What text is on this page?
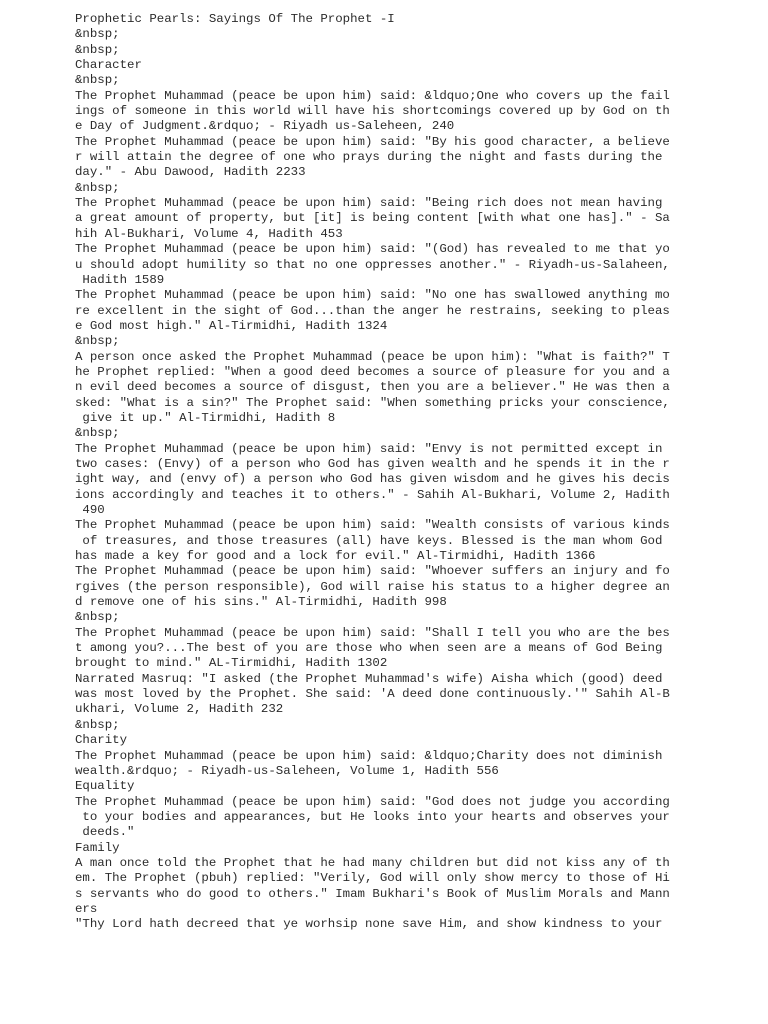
Prophetic Pearls: Sayings Of The Prophet -I
&nbsp;
&nbsp;
Character
&nbsp;
The Prophet Muhammad (peace be upon him) said: &ldquo;One who covers up the fail
ings of someone in this world will have his shortcomings covered up by God on th
e Day of Judgment.&rdquo; - Riyadh us-Saleheen, 240
The Prophet Muhammad (peace be upon him) said: "By his good character, a believe
r will attain the degree of one who prays during the night and fasts during the
day." - Abu Dawood, Hadith 2233
&nbsp;
The Prophet Muhammad (peace be upon him) said: "Being rich does not mean having
a great amount of property, but [it] is being content [with what one has]." - Sa
hih Al-Bukhari, Volume 4, Hadith 453
The Prophet Muhammad (peace be upon him) said: "(God) has revealed to me that yo
u should adopt humility so that no one oppresses another." - Riyadh-us-Salaheen,
Hadith 1589
The Prophet Muhammad (peace be upon him) said: "No one has swallowed anything mo
re excellent in the sight of God...than the anger he restrains, seeking to pleas
e God most high." Al-Tirmidhi, Hadith 1324
&nbsp;
A person once asked the Prophet Muhammad (peace be upon him): "What is faith?" T
he Prophet replied: "When a good deed becomes a source of pleasure for you and a
n evil deed becomes a source of disgust, then you are a believer." He was then a
sked: "What is a sin?" The Prophet said: "When something pricks your conscience,
give it up." Al-Tirmidhi, Hadith 8
&nbsp;
The Prophet Muhammad (peace be upon him) said: "Envy is not permitted except in
two cases: (Envy) of a person who God has given wealth and he spends it in the r
ight way, and (envy of) a person who God has given wisdom and he gives his decis
ions accordingly and teaches it to others." - Sahih Al-Bukhari, Volume 2, Hadith
490
The Prophet Muhammad (peace be upon him) said: "Wealth consists of various kinds
of treasures, and those treasures (all) have keys. Blessed is the man whom God
has made a key for good and a lock for evil." Al-Tirmidhi, Hadith 1366
The Prophet Muhammad (peace be upon him) said: "Whoever suffers an injury and fo
rgives (the person responsible), God will raise his status to a higher degree an
d remove one of his sins." Al-Tirmidhi, Hadith 998
&nbsp;
The Prophet Muhammad (peace be upon him) said: "Shall I tell you who are the bes
t among you?...The best of you are those who when seen are a means of God Being
brought to mind." AL-Tirmidhi, Hadith 1302
Narrated Masruq: "I asked (the Prophet Muhammad's wife) Aisha which (good) deed
was most loved by the Prophet. She said: 'A deed done continuously.'" Sahih Al-B
ukhari, Volume 2, Hadith 232
&nbsp;
Charity
The Prophet Muhammad (peace be upon him) said: &ldquo;Charity does not diminish
wealth.&rdquo; - Riyadh-us-Saleheen, Volume 1, Hadith 556
Equality
The Prophet Muhammad (peace be upon him) said: "God does not judge you according
to your bodies and appearances, but He looks into your hearts and observes your
deeds."
Family
A man once told the Prophet that he had many children but did not kiss any of th
em. The Prophet (pbuh) replied: "Verily, God will only show mercy to those of Hi
s servants who do good to others." Imam Bukhari's Book of Muslim Morals and Mann
ers
"Thy Lord hath decreed that ye worhsip none save Him, and show kindness to your
